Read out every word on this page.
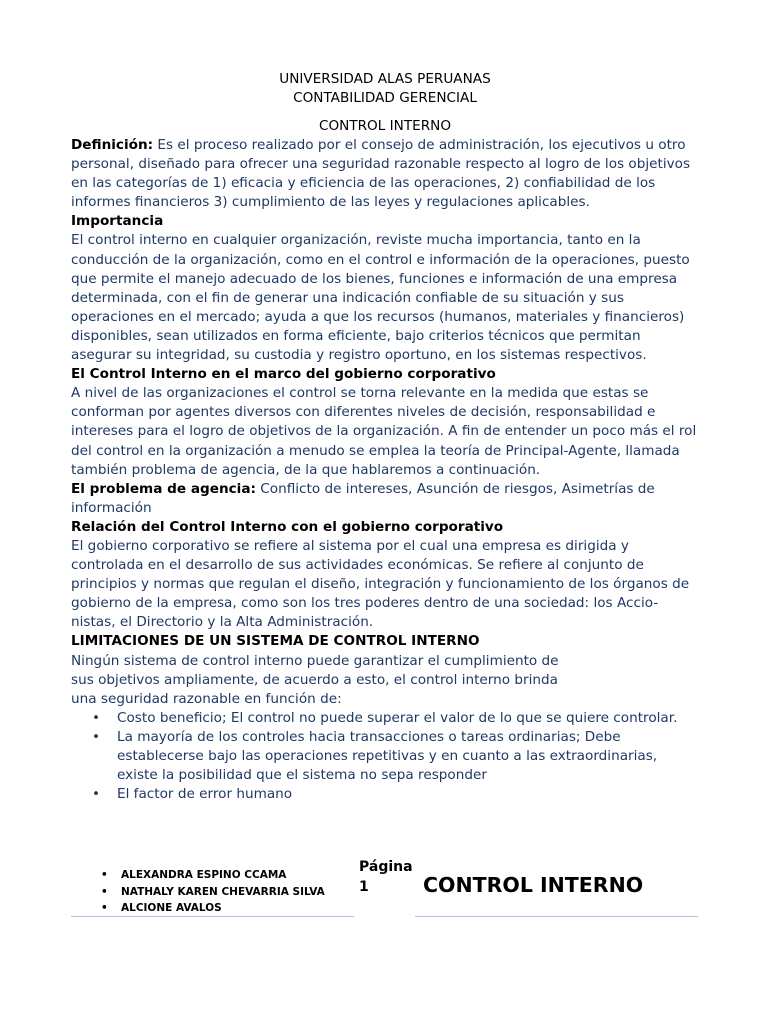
UNIVERSIDAD ALAS PERUANAS
CONTABILIDAD GERENCIAL
CONTROL INTERNO

Definición: Es el proceso realizado por el consejo de administración, los ejecutivos u otro personal, diseñado para ofrecer una seguridad razonable respecto al logro de los objetivos en las categorías de 1) eficacia y eficiencia de las operaciones, 2) confiabilidad de los informes financieros 3) cumplimiento de las leyes y regulaciones aplicables.

Importancia

El control interno en cualquier organización, reviste mucha importancia, tanto en la conducción de la organización, como en el control e información de la operaciones, puesto que permite el manejo adecuado de los bienes, funciones e información de una empresa determinada, con el fin de generar una indicación confiable de su situación y sus operaciones en el mercado; ayuda a que los recursos (humanos, materiales y financieros) disponibles, sean utilizados en forma eficiente, bajo criterios técnicos que permitan asegurar su integridad, su custodia y registro oportuno, en los sistemas respectivos.

El Control Interno en el marco del gobierno corporativo

A nivel de las organizaciones el control se torna relevante en la medida que estas se conforman por agentes diversos con diferentes niveles de decisión, responsabilidad e intereses para el logro de objetivos de la organización. A fin de entender un poco más el rol del control en la organización a menudo se emplea la teoría de Principal-Agente, llamada también problema de agencia, de la que hablaremos a continuación.

El problema de agencia: Conflicto de intereses, Asunción de riesgos, Asimetrías de información

Relación del Control Interno con el gobierno corporativo

El gobierno corporativo se refiere al sistema por el cual una empresa es dirigida y controlada en el desarrollo de sus actividades económicas. Se refiere al conjunto de principios y normas que regulan el diseño, integración y funcionamiento de los órganos de gobierno de la empresa, como son los tres poderes dentro de una sociedad: los Accio-nistas, el Directorio y la Alta Administración.

LIMITACIONES DE UN SISTEMA DE CONTROL INTERNO
Ningún sistema de control interno puede garantizar el cumplimiento de sus objetivos ampliamente, de acuerdo a esto, el control interno brinda una seguridad razonable en función de:
• Costo beneficio; El control no puede superar el valor de lo que se quiere controlar.
• La mayoría de los controles hacia transacciones o tareas ordinarias; Debe establecerse bajo las operaciones repetitivas y en cuanto a las extraordinarias, existe la posibilidad que el sistema no sepa responder
• El factor de error humano
• ALEXANDRA ESPINO CCAMA
• NATHALY KAREN CHEVARRIA SILVA
• ALCIONE AVALOS
Página 1	CONTROL INTERNO
